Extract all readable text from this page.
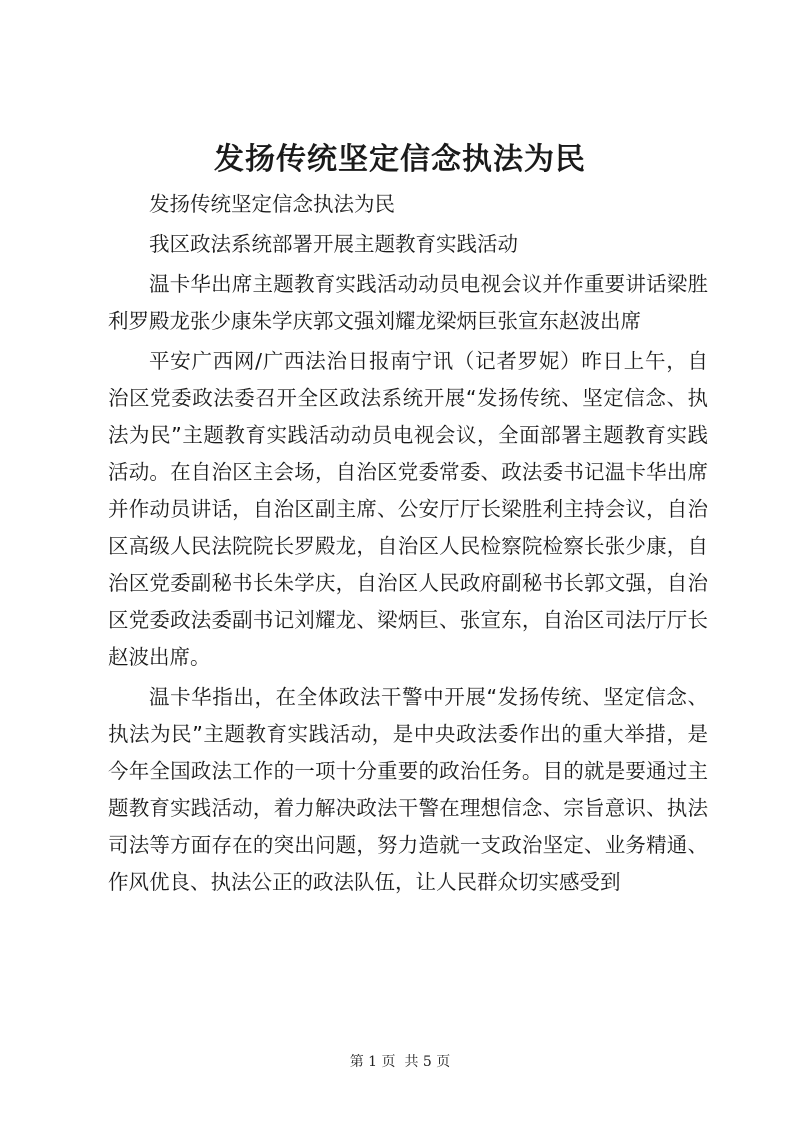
发扬传统坚定信念执法为民

发扬传统坚定信念执法为民

我区政法系统部署开展主题教育实践活动

温卡华出席主题教育实践活动动员电视会议并作重要讲话梁胜利罗殿龙张少康朱学庆郭文强刘耀龙梁炳巨张宣东赵波出席

平安广西网/广西法治日报南宁讯（记者罗妮）昨日上午，自治区党委政法委召开全区政法系统开展“发扬传统、坚定信念、执法为民”主题教育实践活动动员电视会议，全面部署主题教育实践活动。在自治区主会场，自治区党委常委、政法委书记温卡华出席并作动员讲话，自治区副主席、公安厅厅长梁胜利主持会议，自治区高级人民法院院长罗殿龙，自治区人民检察院检察长张少康，自治区党委副秘书长朱学庆，自治区人民政府副秘书长郭文强，自治区党委政法委副书记刘耀龙、梁炳巨、张宣东，自治区司法厅厅长赵波出席。

温卡华指出，在全体政法干警中开展“发扬传统、坚定信念、执法为民”主题教育实践活动，是中央政法委作出的重大举措，是今年全国政法工作的一项十分重要的政治任务。目的就是要通过主题教育实践活动，着力解决政法干警在理想信念、宗旨意识、执法司法等方面存在的突出问题，努力造就一支政治坚定、业务精通、作风优良、执法公正的政法队伍，让人民群众切实感受到

第 1 页  共 5 页
